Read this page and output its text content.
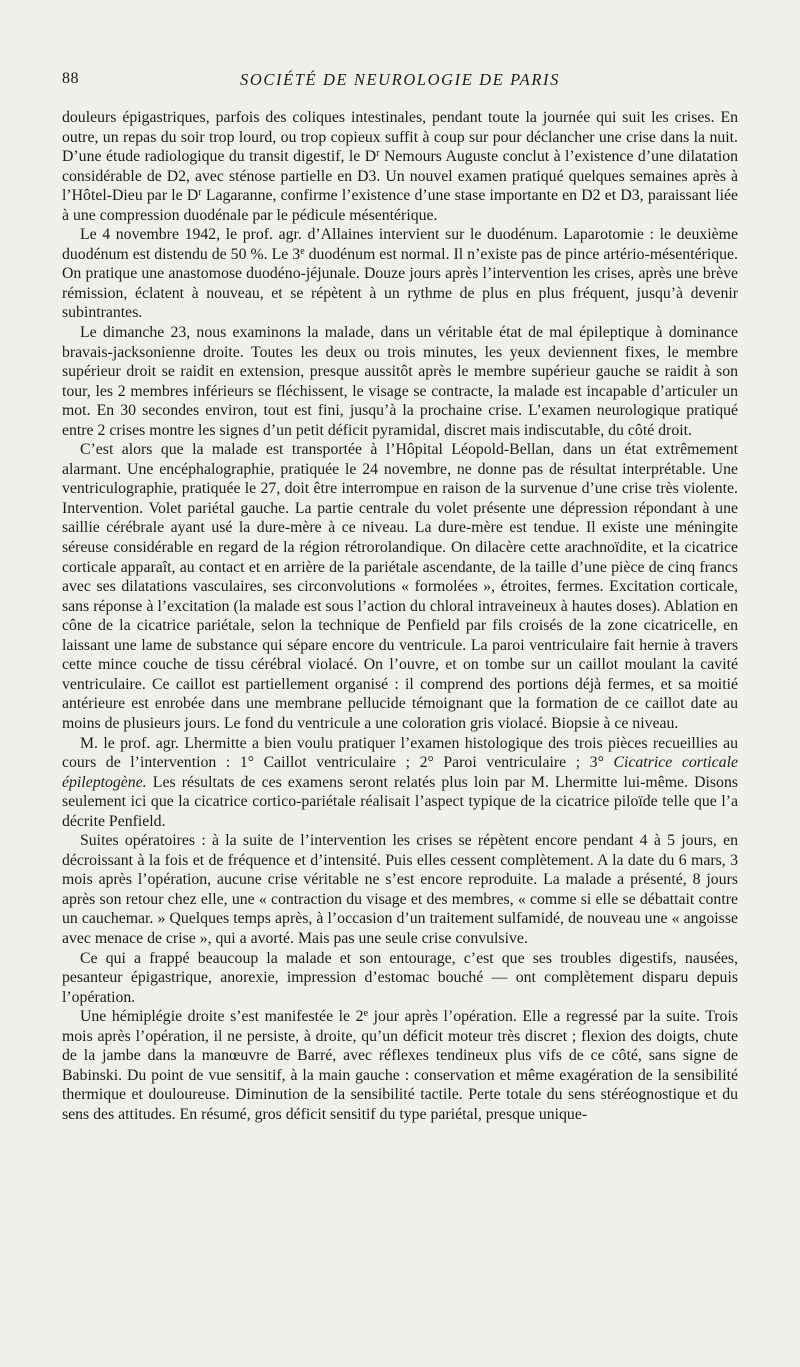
88	SOCIÉTÉ DE NEUROLOGIE DE PARIS

douleurs épigastriques, parfois des coliques intestinales, pendant toute la journée qui suit les crises. En outre, un repas du soir trop lourd, ou trop copieux suffit à coup sur pour déclancher une crise dans la nuit. D’une étude radiologique du transit digestif, le $D^r$ Nemours Auguste conclut à l’existence d’une dilatation considérable de D2, avec sténose partielle en D3. Un nouvel examen pratiqué quelques semaines après à l’Hôtel-Dieu par le $D^r$ Lagaranne, confirme l’existence d’une stase importante en D2 et D3, paraissant liée à une compression duodénale par le pédicule mésentérique.

Le 4 novembre 1942, le prof. agr. d’Allaines intervient sur le duodénum. Laparotomie : le deuxième duodénum est distendu de 50 %. Le 3e duodénum est normal. Il n’existe pas de pince artério-mésentérique. On pratique une anastomose duodéno-jéjunale. Douze jours après l’intervention les crises, après une brève rémission, éclatent à nouveau, et se répètent à un rythme de plus en plus fréquent, jusqu’à devenir subintrantes.

Le dimanche 23, nous examinons la malade, dans un véritable état de mal épileptique à dominance bravais-jacksonienne droite. Toutes les deux ou trois minutes, les yeux deviennent fixes, le membre supérieur droit se raidit en extension, presque aussitôt après le membre supérieur gauche se raidit à son tour, les 2 membres inférieurs se fléchissent, le visage se contracte, la malade est incapable d’articuler un mot. En 30 secondes environ, tout est fini, jusqu’à la prochaine crise. L’examen neurologique pratiqué entre 2 crises montre les signes d’un petit déficit pyramidal, discret mais indiscutable, du côté droit.

C’est alors que la malade est transportée à l’Hôpital Léopold-Bellan, dans un état extrêmement alarmant. Une encéphalographie, pratiquée le 24 novembre, ne donne pas de résultat interprétable. Une ventriculographie, pratiquée le 27, doit être interrompue en raison de la survenue d’une crise très violente. Intervention. Volet pariétal gauche. La partie centrale du volet présente une dépression répondant à une saillie cérébrale ayant usé la dure-mère à ce niveau. La dure-mère est tendue. Il existe une méningite séreuse considérable en regard de la région rétrorolandique. On dilacère cette arachnoïdite, et la cicatrice corticale apparaît, au contact et en arrière de la pariétale ascendante, de la taille d’une pièce de cinq francs avec ses dilatations vasculaires, ses circonvolutions « formolées », étroites, fermes. Excitation corticale, sans réponse à l’excitation (la malade est sous l’action du chloral intraveineux à hautes doses). Ablation en cône de la cicatrice pariétale, selon la technique de Penfield par fils croisés de la zone cicatricelle, en laissant une lame de substance qui sépare encore du ventricule. La paroi ventriculaire fait hernie à travers cette mince couche de tissu cérébral violacé. On l’ouvre, et on tombe sur un caillot moulant la cavité ventriculaire. Ce caillot est partiellement organisé : il comprend des portions déjà fermes, et sa moitié antérieure est enrobée dans une membrane pellucide témoignant que la formation de ce caillot date au moins de plusieurs jours. Le fond du ventricule a une coloration gris violacé. Biopsie à ce niveau.

M. le prof. agr. Lhermitte a bien voulu pratiquer l’examen histologique des trois pièces recueillies au cours de l’intervention : 1° Caillot ventriculaire ; 2° Paroi ventriculaire ; 3° Cicatrice corticale épileptogène. Les résultats de ces examens seront relatés plus loin par M. Lhermitte lui-même. Disons seulement ici que la cicatrice cortico-pariétale réalisait l’aspect typique de la cicatrice piloïde telle que l’a décrite Penfield.

Suites opératoires : à la suite de l’intervention les crises se répètent encore pendant 4 à 5 jours, en décroissant à la fois et de fréquence et d’intensité. Puis elles cessent complètement. A la date du 6 mars, 3 mois après l’opération, aucune crise véritable ne s’est encore reproduite. La malade a présenté, 8 jours après son retour chez elle, une « contraction du visage et des membres, « comme si elle se débattait contre un cauchemar. » Quelques temps après, à l’occasion d’un traitement sulfamidé, de nouveau une « angoisse avec menace de crise », qui a avorté. Mais pas une seule crise convulsive.

Ce qui a frappé beaucoup la malade et son entourage, c’est que ses troubles digestifs, nausées, pesanteur épigastrique, anorexie, impression d’estomac bouché — ont complètement disparu depuis l’opération.

Une hémiplégie droite s’est manifestée le 2e jour après l’opération. Elle a regressé par la suite. Trois mois après l’opération, il ne persiste, à droite, qu’un déficit moteur très discret ; flexion des doigts, chute de la jambe dans la manœuvre de Barré, avec réflexes tendineux plus vifs de ce côté, sans signe de Babinski. Du point de vue sensitif, à la main gauche : conservation et même exagération de la sensibilité thermique et douloureuse. Diminution de la sensibilité tactile. Perte totale du sens stéréognostique et du sens des attitudes. En résumé, gros déficit sensitif du type pariétal, presque unique-
